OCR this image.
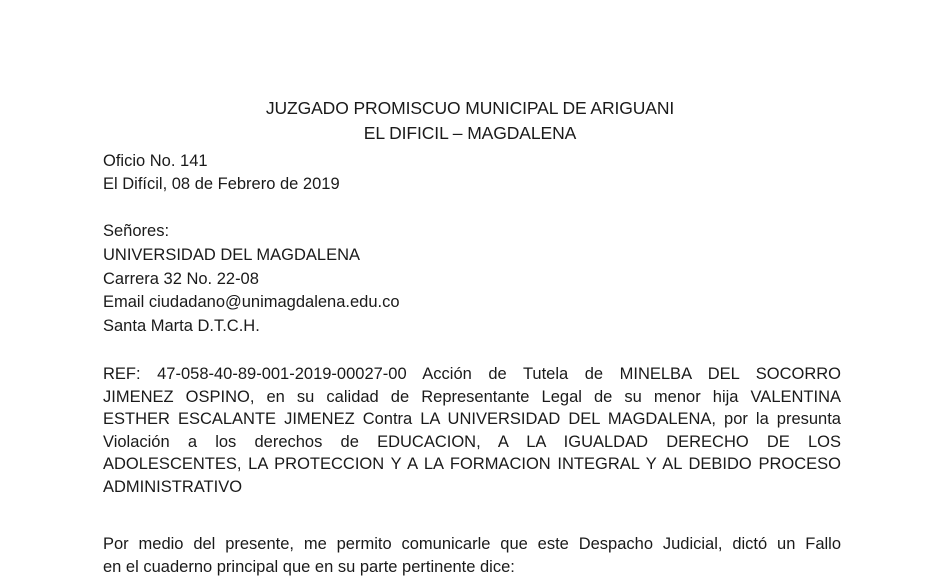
JUZGADO PROMISCUO MUNICIPAL DE ARIGUANI
EL DIFICIL – MAGDALENA
Oficio No. 141
El Difícil, 08 de Febrero de 2019
Señores:
UNIVERSIDAD DEL MAGDALENA
Carrera 32 No. 22-08
Email ciudadano@unimagdalena.edu.co
Santa Marta D.T.C.H.
REF: 47-058-40-89-001-2019-00027-00 Acción de Tutela de MINELBA DEL SOCORRO
JIMENEZ OSPINO, en su calidad de Representante Legal de su menor hija VALENTINA
ESTHER ESCALANTE JIMENEZ Contra LA UNIVERSIDAD DEL MAGDALENA, por la presunta
Violación a los derechos de EDUCACION, A LA IGUALDAD DERECHO DE LOS
ADOLESCENTES, LA PROTECCION Y A LA FORMACION INTEGRAL Y AL DEBIDO PROCESO
ADMINISTRATIVO
Por medio del presente, me permito comunicarle que este Despacho Judicial, dictó un Fallo
en el cuaderno principal que en su parte pertinente dice:
